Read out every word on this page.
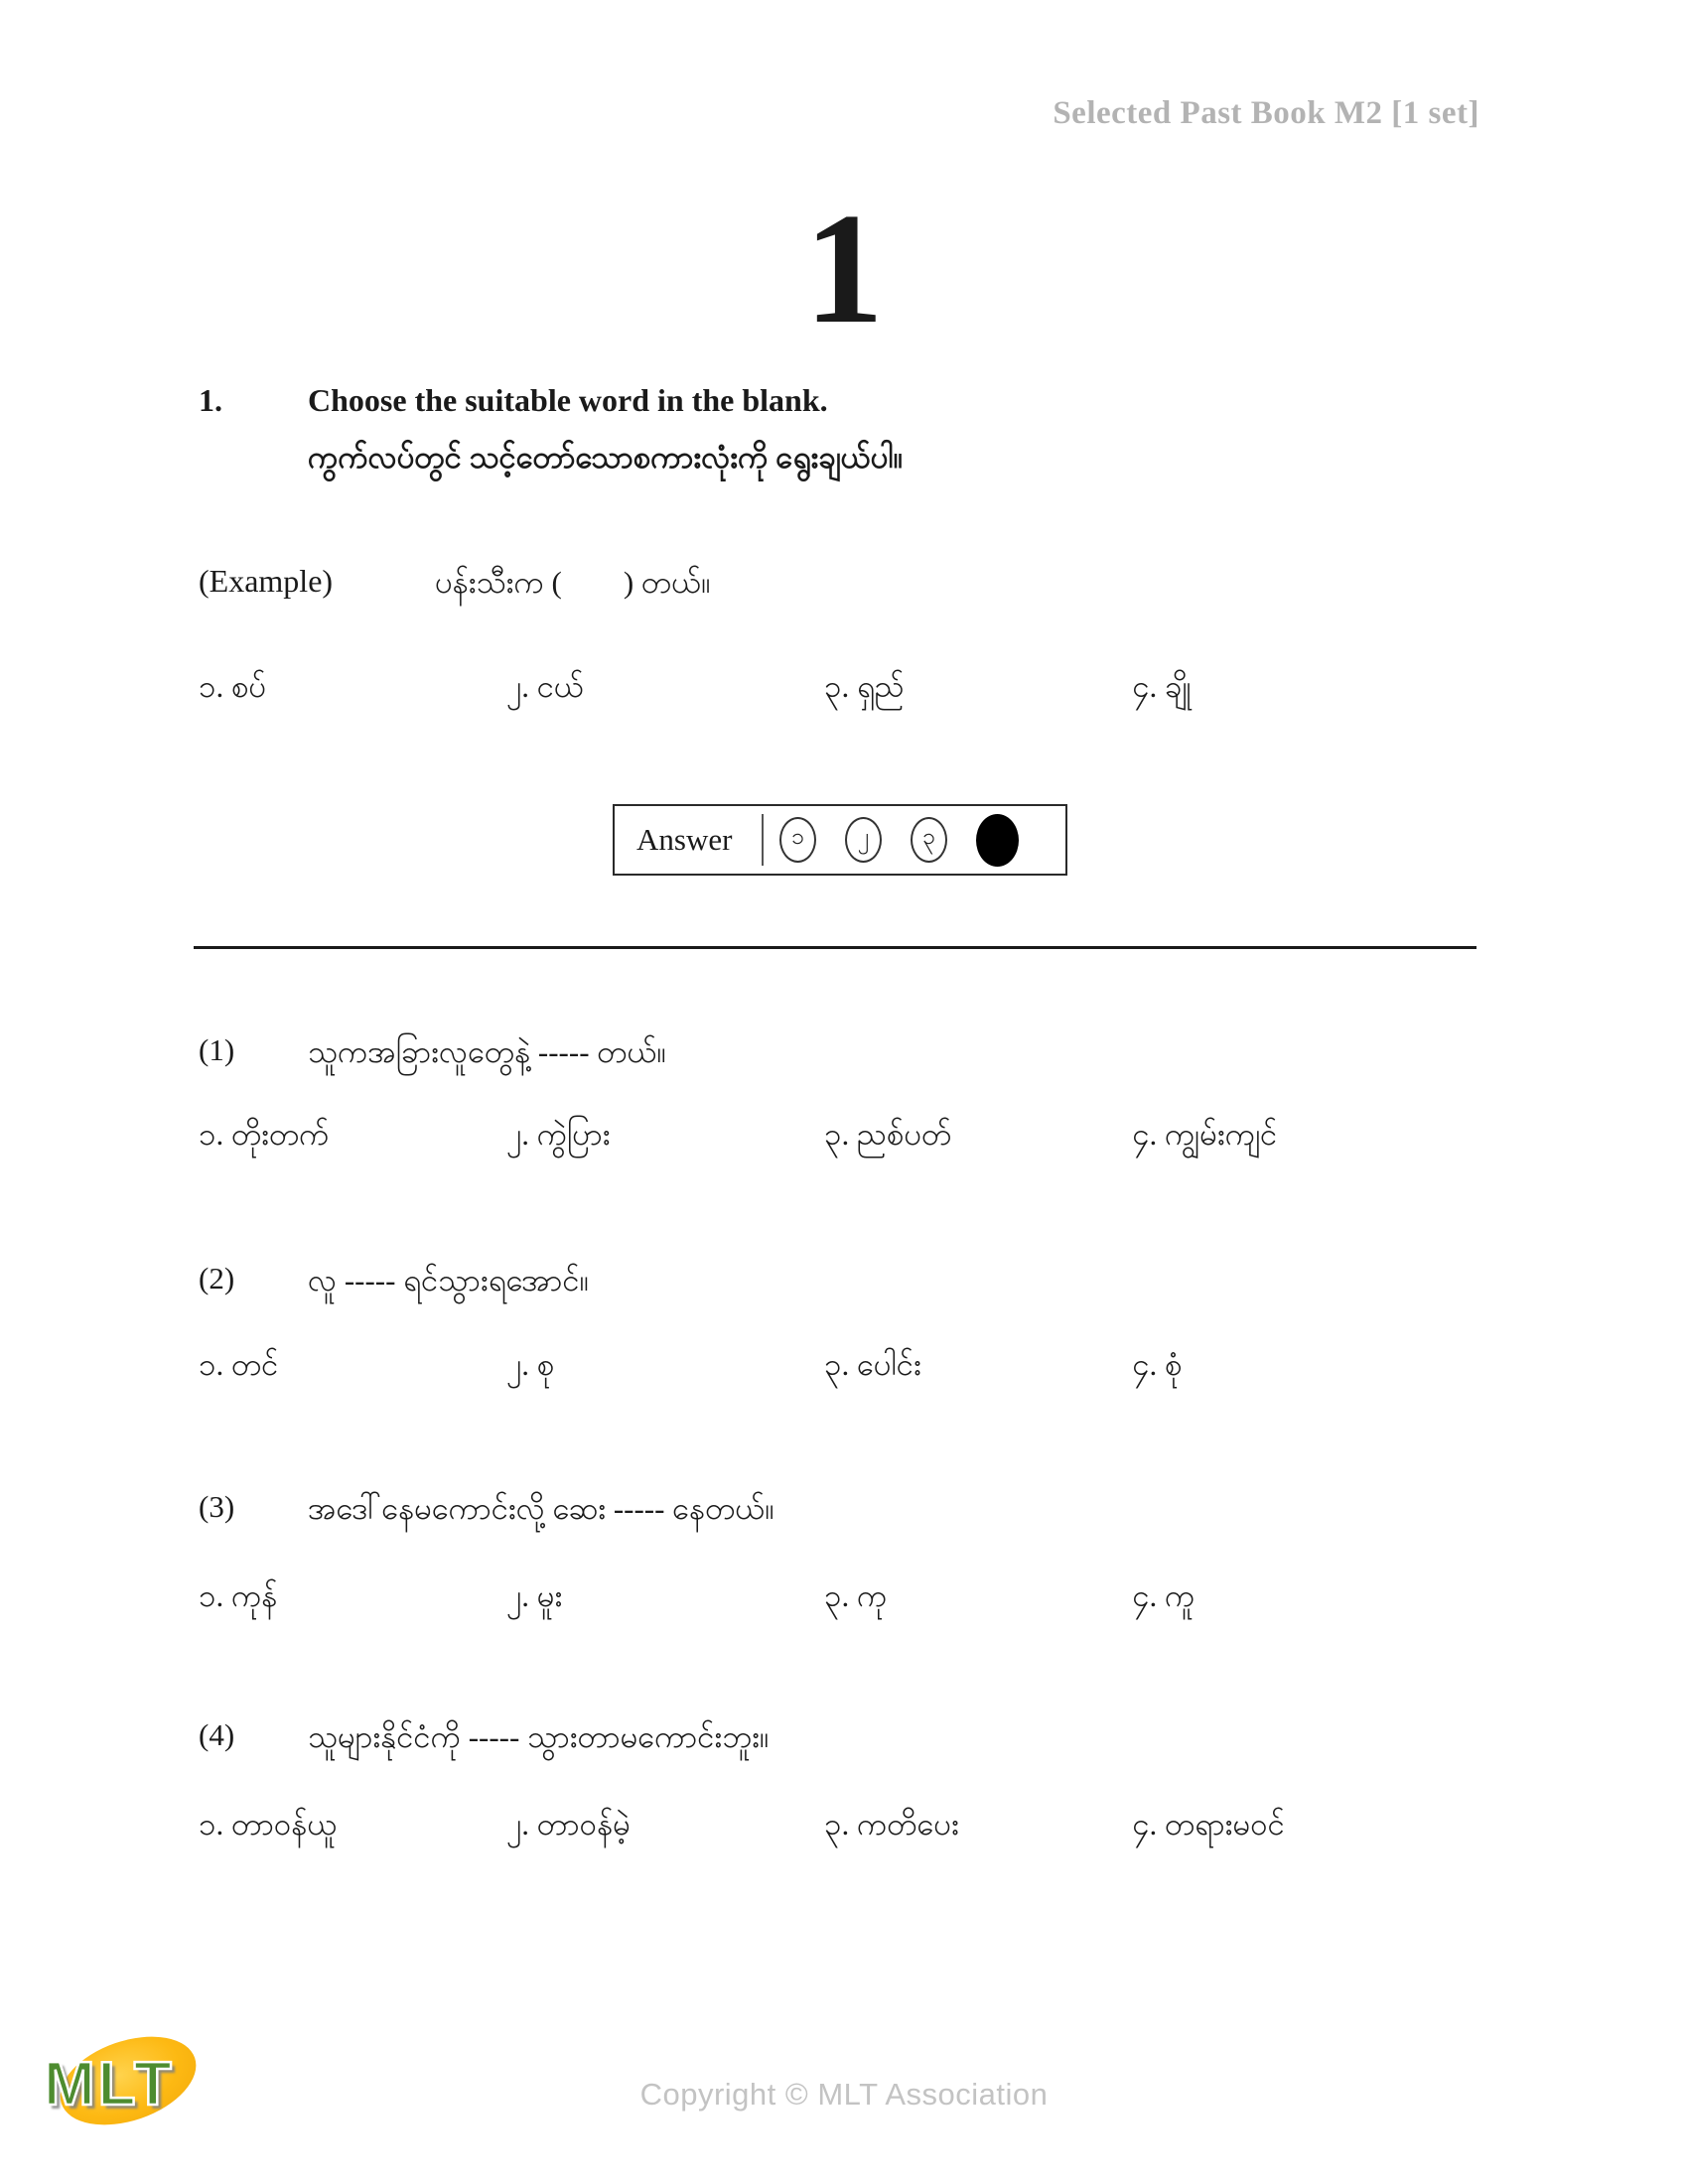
Selected Past Book M2 [1 set]
1
1.	Choose the suitable word in the blank.
ကွက်လပ်တွင် သင့်တော်သောစကားလုံးကို ရွေးချယ်ပါ။
(Example)	ပန်းသီးက (        ) တယ်။
၁. စပ်	၂. ငယ်	၃. ရှည်	၄. ချို
Answer	၁	၂	၃
(1) သူကအခြားလူတွေနဲ့ ----- တယ်။
၁. တိုးတက်	၂. ကွဲပြား	၃. ညစ်ပတ်	၄. ကျွမ်းကျင်
(2) လူ ----- ရင်သွားရအောင်။
၁. တင်	၂. စု	၃. ပေါင်း	၄. စုံ
(3) အဒေါ်နေမကောင်းလို့ ဆေး ----- နေတယ်။
၁. ကုန်	၂. မူး	၃. ကု	၄. ကူ
(4) သူများနိုင်ငံကို ----- သွားတာမကောင်းဘူး။
၁. တာဝန်ယူ	၂. တာဝန်မဲ့	၃. ကတိပေး	၄. တရားမဝင်
MLT	Copyright © MLT Association
